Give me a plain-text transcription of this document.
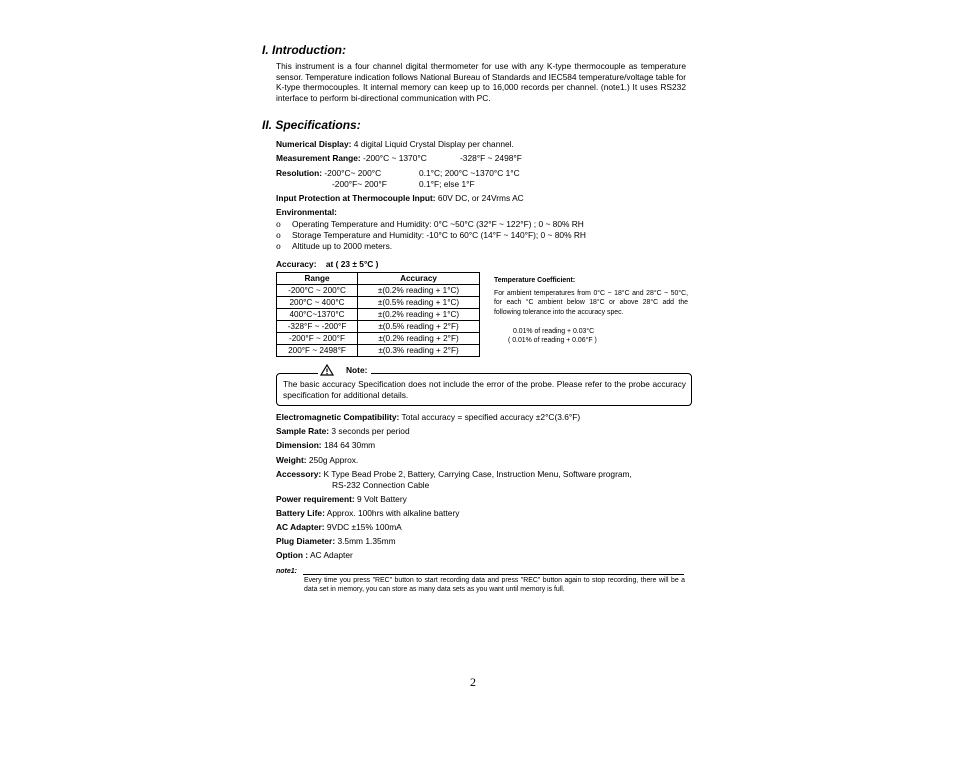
I. Introduction:
This instrument is a four channel digital thermometer for use with any K-type thermocouple as temperature sensor. Temperature indication follows National Bureau of Standards and IEC584 temperature/voltage table for K-type thermocouples. It internal memory can keep up to 16,000 records per channel. (note1.) It uses RS232 interface to perform bi-directional communication with PC.
II. Specifications:
Numerical Display: 4 digital Liquid Crystal Display per channel.
Measurement Range: -200°C ~ 1370°C	-328°F ~ 2498°F
Resolution: -200°C~ 200°C	0.1°C; 200°C ~1370°C 1°C
-200°F~ 200°F	0.1°F; else 1°F
Input Protection at Thermocouple Input: 60V DC, or 24Vrms AC
Environmental:
o Operating Temperature and Humidity: 0°C ~50°C (32°F ~ 122°F) ; 0 ~ 80% RH
o Storage Temperature and Humidity: -10°C to 60°C (14°F ~ 140°F); 0 ~ 80% RH
o Altitude up to 2000 meters.
Accuracy: at ( 23 ± 5°C )
Range	Accuracy
-200°C ~ 200°C	±(0.2% reading + 1°C)
200°C ~ 400°C	±(0.5% reading + 1°C)
400°C~1370°C	±(0.2% reading + 1°C)
-328°F ~ -200°F	±(0.5% reading + 2°F)
-200°F ~ 200°F	±(0.2% reading + 2°F)
200°F ~ 2498°F	±(0.3% reading + 2°F)
Temperature Coefficient:
For ambient temperatures from 0°C ~ 18°C and 28°C ~ 50°C, for each °C ambient below 18°C or above 28°C add the following tolerance into the accuracy spec.
0.01% of reading + 0.03°C
( 0.01% of reading + 0.06°F )
Note:
The basic accuracy Specification does not include the error of the probe. Please refer to the probe accuracy specification for additional details.
Electromagnetic Compatibility: Total accuracy = specified accuracy ±2°C(3.6°F)
Sample Rate: 3 seconds per period
Dimension: 184 64 30mm
Weight: 250g Approx.
Accessory: K Type Bead Probe 2, Battery, Carrying Case, Instruction Menu, Software program,
RS-232 Connection Cable
Power requirement: 9 Volt Battery
Battery Life: Approx. 100hrs with alkaline battery
AC Adapter: 9VDC ±15% 100mA
Plug Diameter: 3.5mm 1.35mm
Option : AC Adapter
note1:
Every time you press "REC" button to start recording data and press "REC" button again to stop recording, there will be a data set in memory, you can store as many data sets as you want until memory is full.
2
